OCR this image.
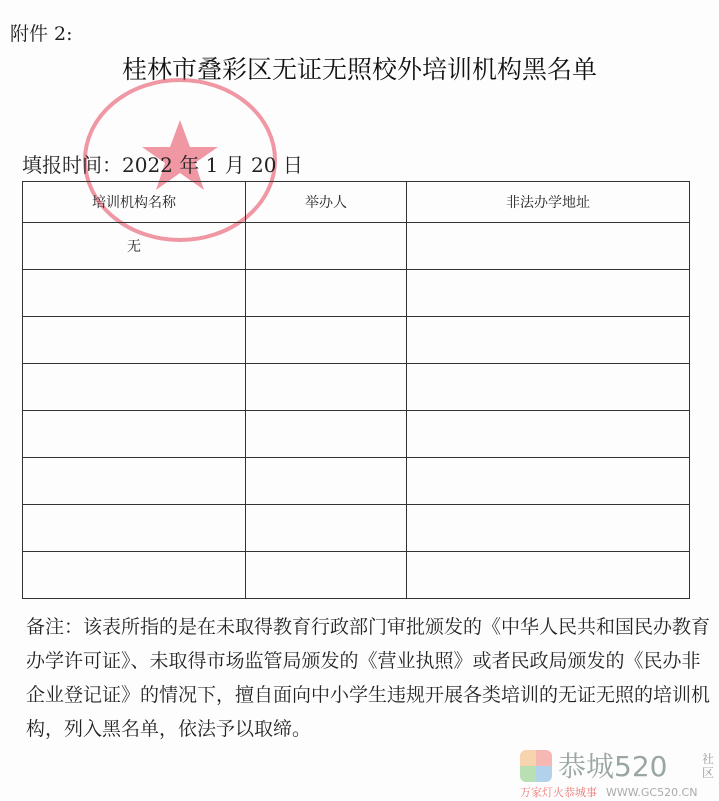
附件 2:
桂林市叠彩区无证无照校外培训机构黑名单
填报时间：2022 年 1 月 20 日
培训机构名称	举办人	非法办学地址
无		

备注：该表所指的是在未取得教育行政部门审批颁发的《中华人民共和国民办教育办学许可证》、未取得市场监管局颁发的《营业执照》或者民政局颁发的《民办非企业登记证》的情况下，擅自面向中小学生违规开展各类培训的无证无照的培训机构，列入黑名单，依法予以取缔。
恭城520	社区
万家灯火恭城事 WWW.GC520.CN
